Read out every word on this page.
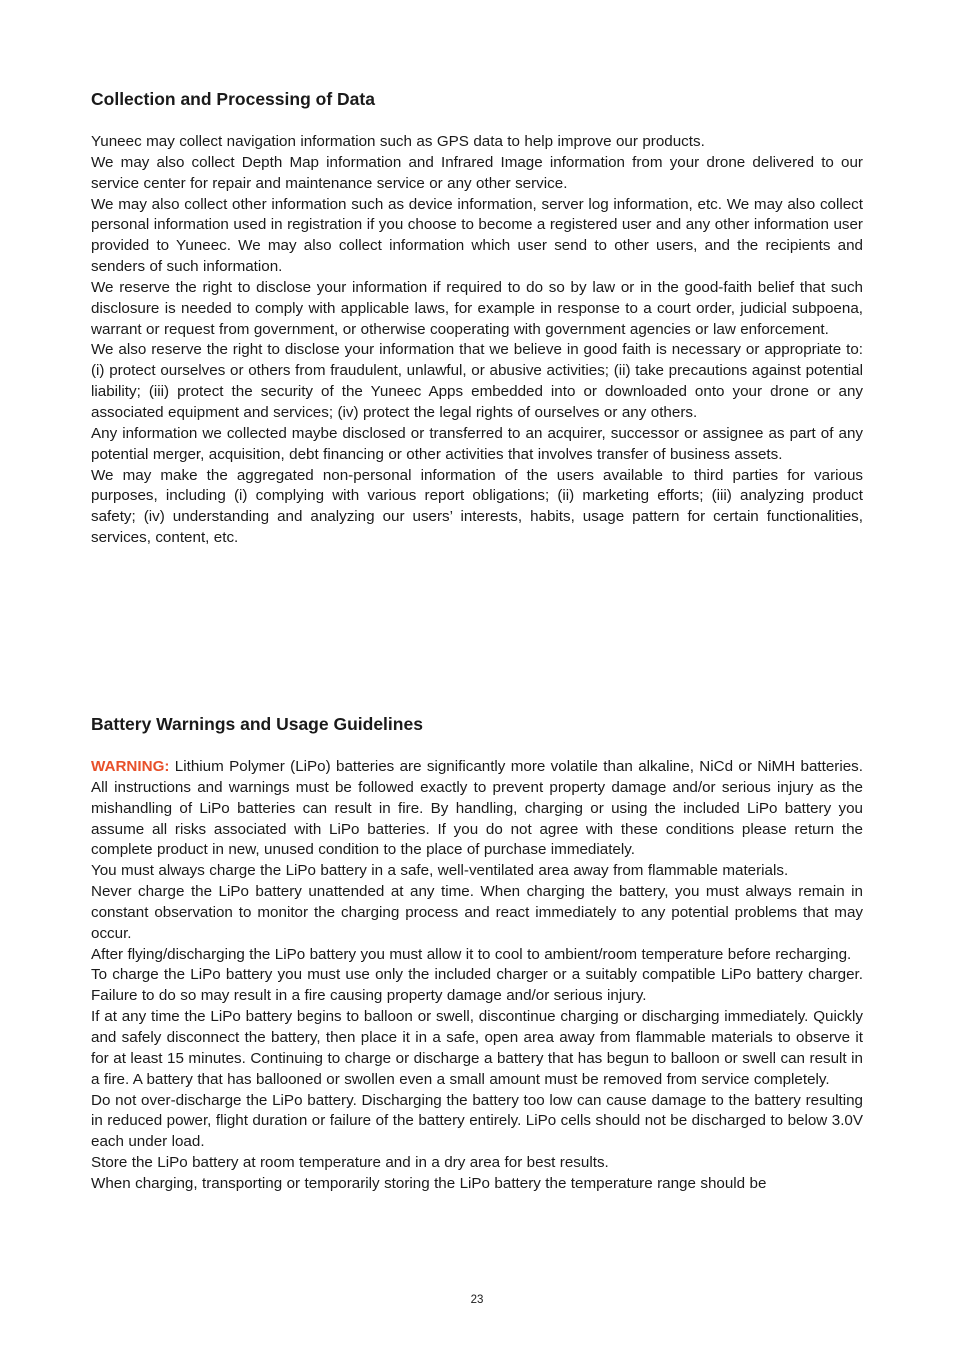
Collection and Processing of Data

Yuneec may collect navigation information such as GPS data to help improve our products.

We may also collect Depth Map information and Infrared Image information from your drone delivered to our service center for repair and maintenance service or any other service.

We may also collect other information such as device information, server log information, etc. We may also collect personal information used in registration if you choose to become a registered user and any other information user provided to Yuneec. We may also collect information which user send to other users, and the recipients and senders of such information.

We reserve the right to disclose your information if required to do so by law or in the good-faith belief that such disclosure is needed to comply with applicable laws, for example in response to a court order, judicial subpoena, warrant or request from government, or otherwise cooperating with government agencies or law enforcement.

We also reserve the right to disclose your information that we believe in good faith is necessary or appropriate to: (i) protect ourselves or others from fraudulent, unlawful, or abusive activities; (ii) take precautions against potential liability; (iii) protect the security of the Yuneec Apps embedded into or downloaded onto your drone or any associated equipment and services; (iv) protect the legal rights of ourselves or any others.

Any information we collected maybe disclosed or transferred to an acquirer, successor or assignee as part of any potential merger, acquisition, debt financing or other activities that involves transfer of business assets.

We may make the aggregated non-personal information of the users available to third parties for various purposes, including (i) complying with various report obligations; (ii) marketing efforts; (iii) analyzing product safety; (iv) understanding and analyzing our users’ interests, habits, usage pattern for certain functionalities, services, content, etc.

Battery Warnings and Usage Guidelines

WARNING: Lithium Polymer (LiPo) batteries are significantly more volatile than alkaline, NiCd or NiMH batteries. All instructions and warnings must be followed exactly to prevent property damage and/or serious injury as the mishandling of LiPo batteries can result in fire. By handling, charging or using the included LiPo battery you assume all risks associated with LiPo batteries. If you do not agree with these conditions please return the complete product in new, unused condition to the place of purchase immediately.

You must always charge the LiPo battery in a safe, well-ventilated area away from flammable materials.

Never charge the LiPo battery unattended at any time. When charging the battery, you must always remain in constant observation to monitor the charging process and react immediately to any potential problems that may occur.

After flying/discharging the LiPo battery you must allow it to cool to ambient/room temperature before recharging.

To charge the LiPo battery you must use only the included charger or a suitably compatible LiPo battery charger. Failure to do so may result in a fire causing property damage and/or serious injury.

If at any time the LiPo battery begins to balloon or swell, discontinue charging or discharging immediately. Quickly and safely disconnect the battery, then place it in a safe, open area away from flammable materials to observe it for at least 15 minutes. Continuing to charge or discharge a battery that has begun to balloon or swell can result in a fire. A battery that has ballooned or swollen even a small amount must be removed from service completely.

Do not over-discharge the LiPo battery. Discharging the battery too low can cause damage to the battery resulting in reduced power, flight duration or failure of the battery entirely. LiPo cells should not be discharged to below 3.0V each under load.

Store the LiPo battery at room temperature and in a dry area for best results.

When charging, transporting or temporarily storing the LiPo battery the temperature range should be

23
